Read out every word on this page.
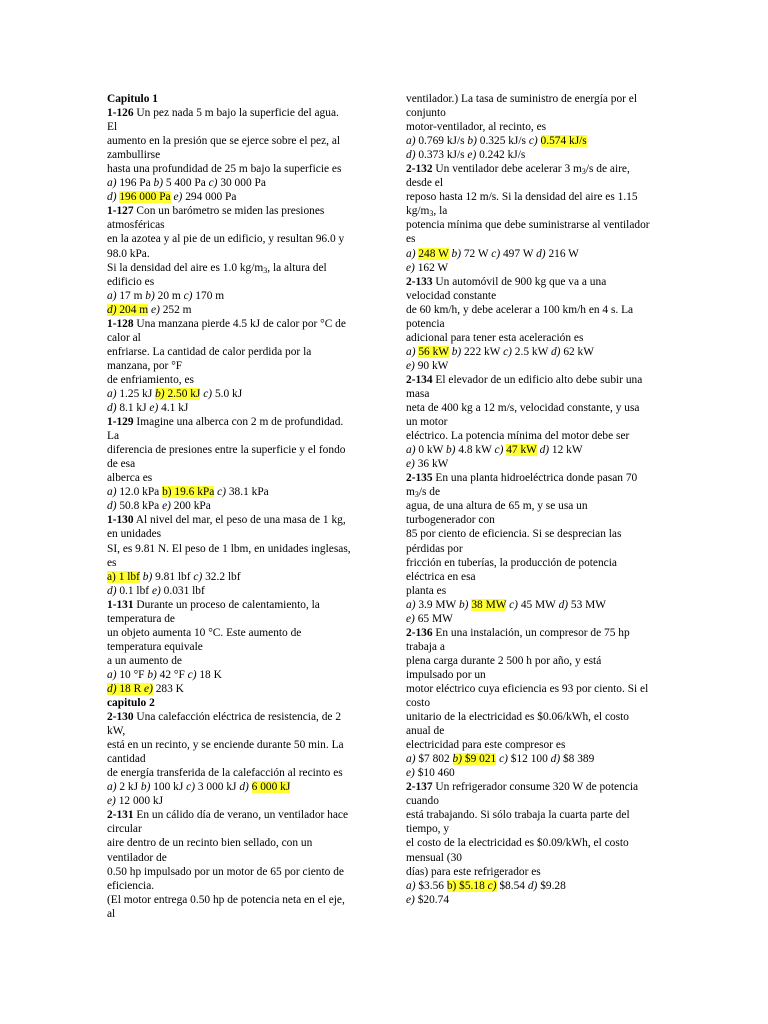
Capitulo 1
1-126 Un pez nada 5 m bajo la superficie del agua.
El
aumento en la presión que se ejerce sobre el pez, al
zambullirse
hasta una profundidad de 25 m bajo la superficie es
a) 196 Pa b) 5 400 Pa c) 30 000 Pa
d) 196 000 Pa e) 294 000 Pa
1-127 Con un barómetro se miden las presiones
atmosféricas
en la azotea y al pie de un edificio, y resultan 96.0 y
98.0 kPa.
Si la densidad del aire es 1.0 $kg/m_3$, la altura del
edificio es
a) 17 m b) 20 m c) 170 m
d) 204 m e) 252 m
1-128 Una manzana pierde 4.5 kJ de calor por °C de
calor al
enfriarse. La cantidad de calor perdida por la
manzana, por °F
de enfriamiento, es
a) 1.25 kJ b) 2.50 kJ c) 5.0 kJ
d) 8.1 kJ e) 4.1 kJ
1-129 Imagine una alberca con 2 m de profundidad.
La
diferencia de presiones entre la superficie y el fondo
de esa
alberca es
a) 12.0 kPa b) 19.6 kPa c) 38.1 kPa
d) 50.8 kPa e) 200 kPa
1-130 Al nivel del mar, el peso de una masa de 1 kg,
en unidades
SI, es 9.81 N. El peso de 1 lbm, en unidades inglesas,
es
a) 1 lbf b) 9.81 lbf c) 32.2 lbf
d) 0.1 lbf e) 0.031 lbf
1-131 Durante un proceso de calentamiento, la
temperatura de
un objeto aumenta 10 °C. Este aumento de
temperatura equivale
a un aumento de
a) 10 °F b) 42 °F c) 18 K
d) 18 R e) 283 K
capitulo 2
2-130 Una calefacción eléctrica de resistencia, de 2
kW,
está en un recinto, y se enciende durante 50 min. La
cantidad
de energía transferida de la calefacción al recinto es
a) 2 kJ b) 100 kJ c) 3 000 kJ d) 6 000 kJ
e) 12 000 kJ
2-131 En un cálido día de verano, un ventilador hace
circular
aire dentro de un recinto bien sellado, con un
ventilador de
0.50 hp impulsado por un motor de 65 por ciento de
eficiencia.
(El motor entrega 0.50 hp de potencia neta en el eje,
al
ventilador.) La tasa de suministro de energía por el
conjunto
motor-ventilador, al recinto, es
a) 0.769 kJ/s b) 0.325 kJ/s c) 0.574 kJ/s
d) 0.373 kJ/s e) 0.242 kJ/s
2-132 Un ventilador debe acelerar 3 $m_3/s$ de aire,
desde el
reposo hasta 12 m/s. Si la densidad del aire es 1.15
$kg/m_3$, la
potencia mínima que debe suministrarse al ventilador
es
a) 248 W b) 72 W c) 497 W d) 216 W
e) 162 W
2-133 Un automóvil de 900 kg que va a una
velocidad constante
de 60 km/h, y debe acelerar a 100 km/h en 4 s. La
potencia
adicional para tener esta aceleración es
a) 56 kW b) 222 kW c) 2.5 kW d) 62 kW
e) 90 kW
2-134 El elevador de un edificio alto debe subir una
masa
neta de 400 kg a 12 m/s, velocidad constante, y usa
un motor
eléctrico. La potencia mínima del motor debe ser
a) 0 kW b) 4.8 kW c) 47 kW d) 12 kW
e) 36 kW
2-135 En una planta hidroeléctrica donde pasan 70
$m_3/s$ de
agua, de una altura de 65 m, y se usa un
turbogenerador con
85 por ciento de eficiencia. Si se desprecian las
pérdidas por
fricción en tuberías, la producción de potencia
eléctrica en esa
planta es
a) 3.9 MW b) 38 MW c) 45 MW d) 53 MW
e) 65 MW
2-136 En una instalación, un compresor de 75 hp
trabaja a
plena carga durante 2 500 h por año, y está
impulsado por un
motor eléctrico cuya eficiencia es 93 por ciento. Si el
costo
unitario de la electricidad es $0.06/kWh, el costo
anual de
electricidad para este compresor es
a) $7 802 b) $9 021 c) $12 100 d) $8 389
e) $10 460
2-137 Un refrigerador consume 320 W de potencia
cuando
está trabajando. Si sólo trabaja la cuarta parte del
tiempo, y
el costo de la electricidad es $0.09/kWh, el costo
mensual (30
días) para este refrigerador es
a) $3.56 b) $5.18 c) $8.54 d) $9.28
e) $20.74
